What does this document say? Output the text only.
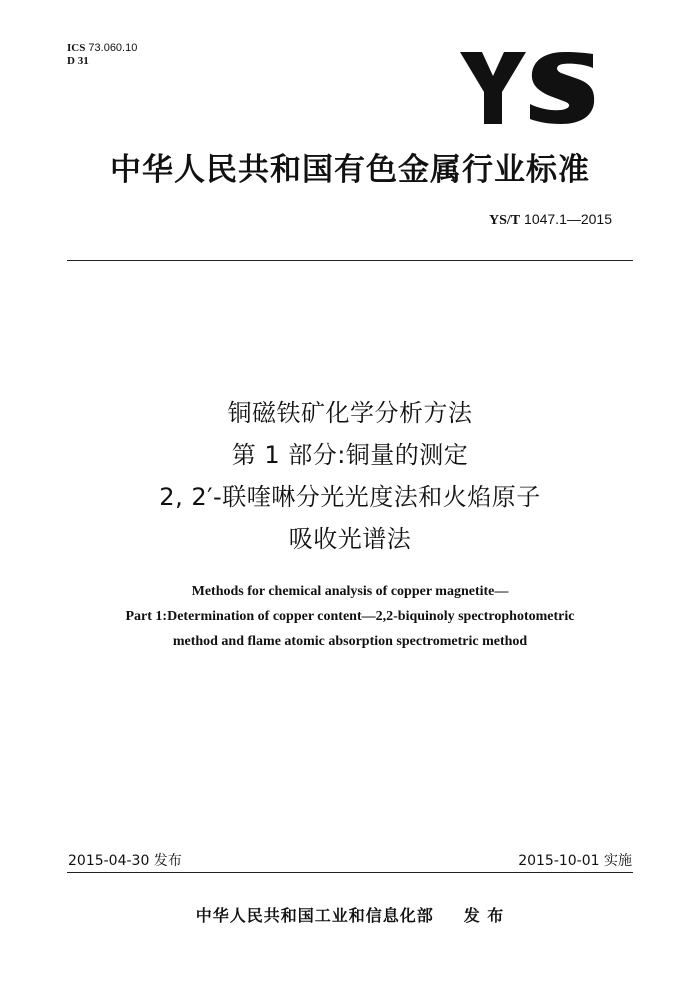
ICS 73.060.10
D 31
中华人民共和国有色金属行业标准
YS/T 1047.1—2015
铜磁铁矿化学分析方法
第 1 部分:铜量的测定
2, 2′-联喹啉分光光度法和火焰原子
吸收光谱法
Methods for chemical analysis of copper magnetite—
Part 1:Determination of copper content—2,2-biquinoly spectrophotometric
method and flame atomic absorption spectrometric method
2015-04-30 发布	2015-10-01 实施
中华人民共和国工业和信息化部 发 布
